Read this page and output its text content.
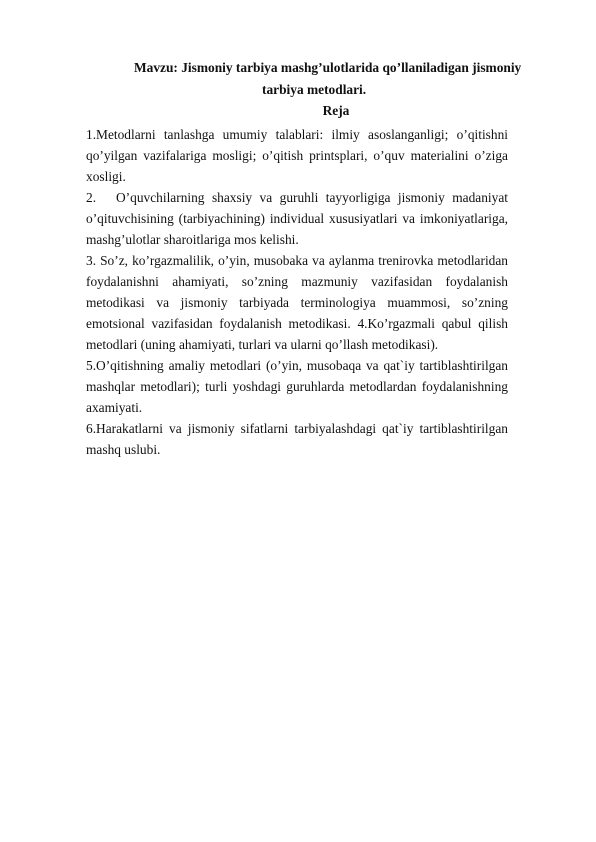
Mavzu: Jismoniy tarbiya mashg’ulotlarida qo’llaniladigan jismoniy
tarbiya metodlari.
Reja

1.Metodlarni tanlashga umumiy talablari: ilmiy asoslanganligi; o’qitishni qo’yilgan vazifalariga mosligi; o’qitish printsplari, o’quv materialini o’ziga xosligi.

2. O’quvchilarning shaxsiy va guruhli tayyorligiga jismoniy madaniyat o’qituvchisining (tarbiyachining) individual xususiyatlari va imkoniyatlariga, mashg’ulotlar sharoitlariga mos kelishi.

3. So’z, ko’rgazmalilik, o’yin, musobaka va aylanma trenirovka metodlaridan foydalanishni ahamiyati, so’zning mazmuniy vazifasidan foydalanish metodikasi va jismoniy tarbiyada terminologiya muammosi, so’zning emotsional vazifasidan foydalanish metodikasi. 4.Ko’rgazmali qabul qilish metodlari (uning ahamiyati, turlari va ularni qo’llash metodikasi).

5.O’qitishning amaliy metodlari (o’yin, musobaqa va qat`iy tartiblashtirilgan mashqlar metodlari); turli yoshdagi guruhlarda metodlardan foydalanishning axamiyati.

6.Harakatlarni va jismoniy sifatlarni tarbiyalashdagi qat`iy tartiblashtirilgan mashq uslubi.
